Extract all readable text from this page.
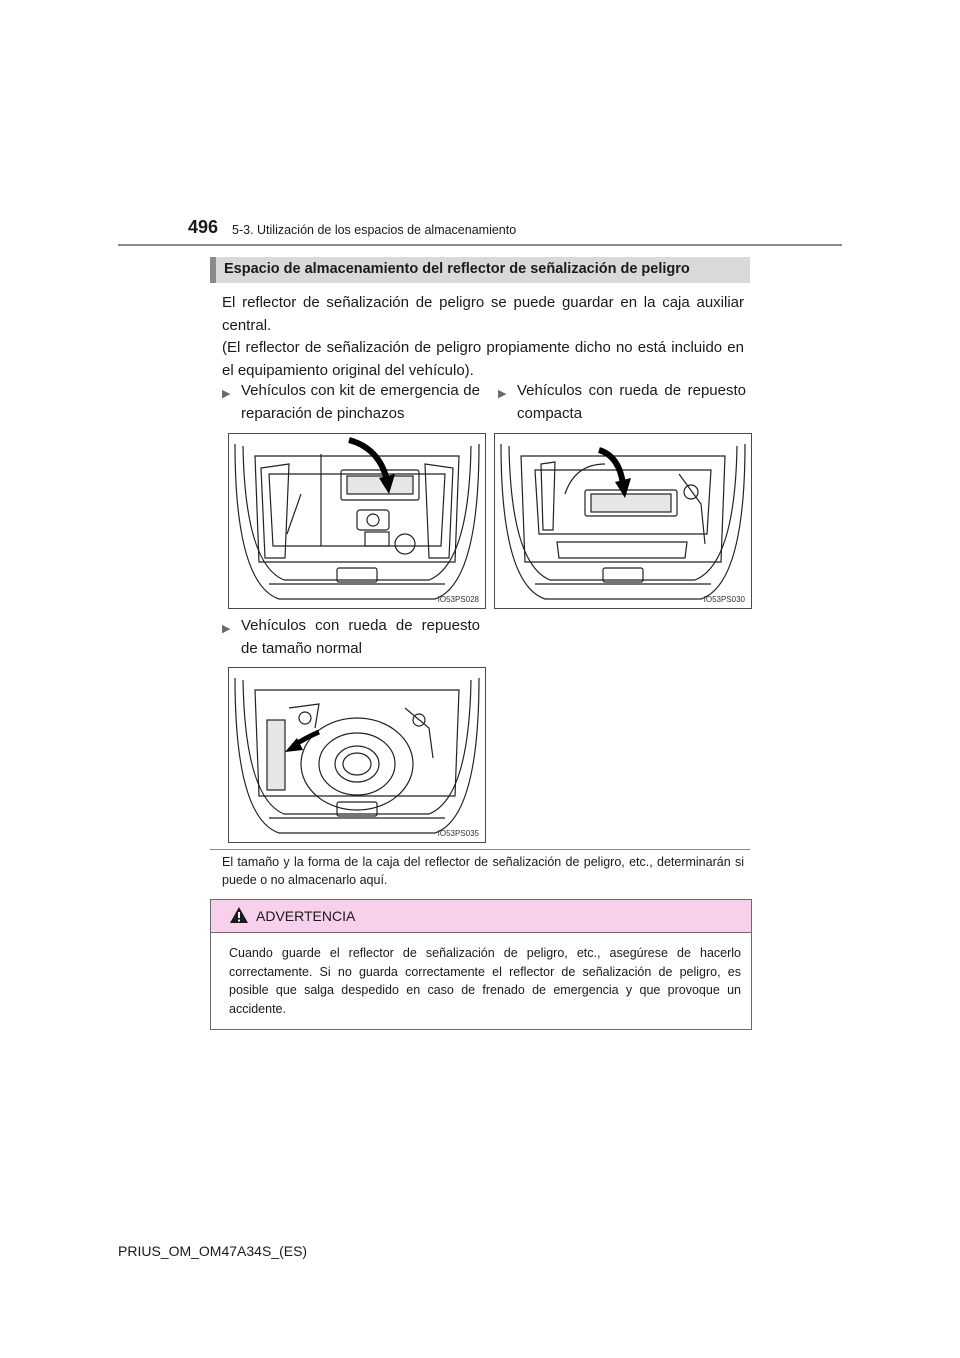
496 5-3. Utilización de los espacios de almacenamiento
Espacio de almacenamiento del reflector de señalización de peligro

El reflector de señalización de peligro se puede guardar en la caja auxiliar central.

(El reflector de señalización de peligro propiamente dicho no está incluido en el equipamiento original del vehículo).

▶ Vehículos con kit de emergencia de reparación de pinchazos
▶ Vehículos con rueda de repuesto compacta
IO53PS028	IO53PS030
▶ Vehículos con rueda de repuesto de tamaño normal
IO53PS035
El tamaño y la forma de la caja del reflector de señalización de peligro, etc., determinarán si puede o no almacenarlo aquí.
ADVERTENCIA
Cuando guarde el reflector de señalización de peligro, etc., asegúrese de hacerlo correctamente. Si no guarda correctamente el reflector de señalización de peligro, es posible que salga despedido en caso de frenado de emergencia y que provoque un accidente.
PRIUS_OM_OM47A34S_(ES)
